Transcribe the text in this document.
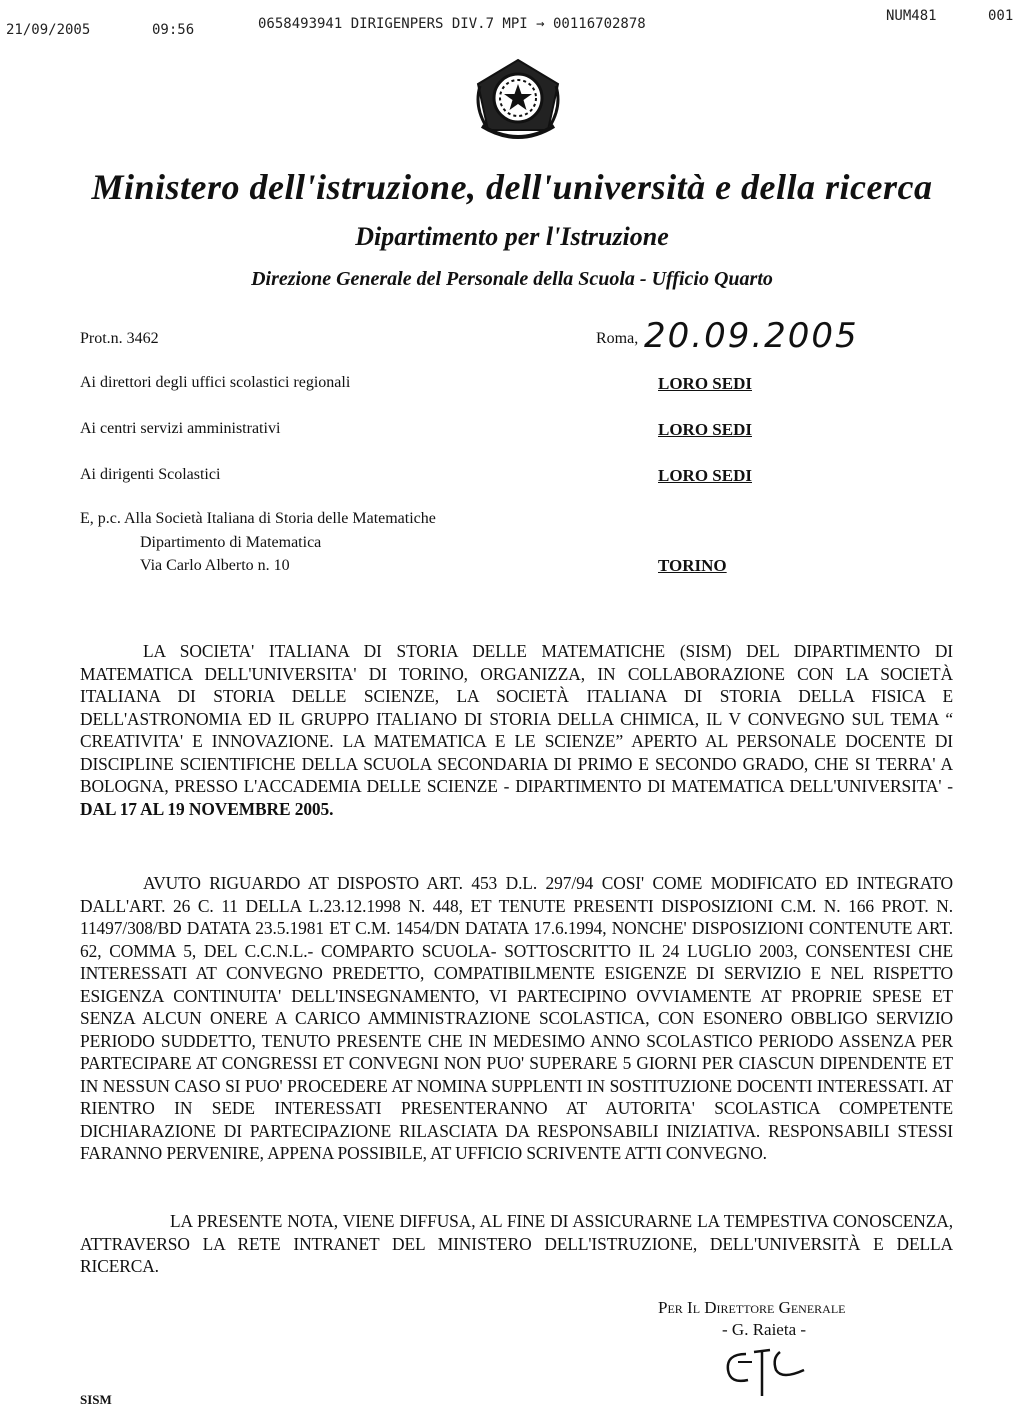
21/09/2005	09:56	0658493941 DIRIGENPERS DIV.7 MPI → 00116702878	NUM481	001
Ministero dell'istruzione, dell'università e della ricerca
Dipartimento per l'Istruzione
Direzione Generale del Personale della Scuola - Ufficio Quarto
Prot.n. 3462	Roma, 20.09.2005
Ai direttori degli uffici scolastici regionali	LORO SEDI
Ai centri servizi amministrativi	LORO SEDI
Ai dirigenti Scolastici	LORO SEDI
E, p.c. Alla Società Italiana di Storia delle Matematiche
Dipartimento di Matematica
Via Carlo Alberto n. 10	TORINO

LA SOCIETA' ITALIANA DI STORIA DELLE MATEMATICHE (SISM) DEL DIPARTIMENTO DI MATEMATICA DELL'UNIVERSITA' DI TORINO, ORGANIZZA, IN COLLABORAZIONE CON LA SOCIETÀ ITALIANA DI STORIA DELLE SCIENZE, LA SOCIETÀ ITALIANA DI STORIA DELLA FISICA E DELL'ASTRONOMIA ED IL GRUPPO ITALIANO DI STORIA DELLA CHIMICA, IL V CONVEGNO SUL TEMA “ CREATIVITA' E INNOVAZIONE. LA MATEMATICA E LE SCIENZE” APERTO AL PERSONALE DOCENTE DI DISCIPLINE SCIENTIFICHE DELLA SCUOLA SECONDARIA DI PRIMO E SECONDO GRADO, CHE SI TERRA' A BOLOGNA, PRESSO L'ACCADEMIA DELLE SCIENZE - DIPARTIMENTO DI MATEMATICA DELL'UNIVERSITA' - DAL 17 AL 19 NOVEMBRE 2005.

AVUTO RIGUARDO AT DISPOSTO ART. 453 D.L. 297/94 COSI' COME MODIFICATO ED INTEGRATO DALL'ART. 26 C. 11 DELLA L.23.12.1998 N. 448, ET TENUTE PRESENTI DISPOSIZIONI C.M. N. 166 PROT. N. 11497/308/BD DATATA 23.5.1981 ET C.M. 1454/DN DATATA 17.6.1994, NONCHE' DISPOSIZIONI CONTENUTE ART. 62, COMMA 5, DEL C.C.N.L.- COMPARTO SCUOLA- SOTTOSCRITTO IL 24 LUGLIO 2003, CONSENTESI CHE INTERESSATI AT CONVEGNO PREDETTO, COMPATIBILMENTE ESIGENZE DI SERVIZIO E NEL RISPETTO ESIGENZA CONTINUITA' DELL'INSEGNAMENTO, VI PARTECIPINO OVVIAMENTE AT PROPRIE SPESE ET SENZA ALCUN ONERE A CARICO AMMINISTRAZIONE SCOLASTICA, CON ESONERO OBBLIGO SERVIZIO PERIODO SUDDETTO, TENUTO PRESENTE CHE IN MEDESIMO ANNO SCOLASTICO PERIODO ASSENZA PER PARTECIPARE AT CONGRESSI ET CONVEGNI NON PUO' SUPERARE 5 GIORNI PER CIASCUN DIPENDENTE ET IN NESSUN CASO SI PUO' PROCEDERE AT NOMINA SUPPLENTI IN SOSTITUZIONE DOCENTI INTERESSATI. AT RIENTRO IN SEDE INTERESSATI PRESENTERANNO AT AUTORITA' SCOLASTICA COMPETENTE DICHIARAZIONE DI PARTECIPAZIONE RILASCIATA DA RESPONSABILI INIZIATIVA. RESPONSABILI STESSI FARANNO PERVENIRE, APPENA POSSIBILE, AT UFFICIO SCRIVENTE ATTI CONVEGNO.

LA PRESENTE NOTA, VIENE DIFFUSA, AL FINE DI ASSICURARNE LA TEMPESTIVA CONOSCENZA, ATTRAVERSO LA RETE INTRANET DEL MINISTERO DELL'ISTRUZIONE, DELL'UNIVERSITÀ E DELLA RICERCA.

Per Il Direttore Generale
- G. Raieta -
SISM
